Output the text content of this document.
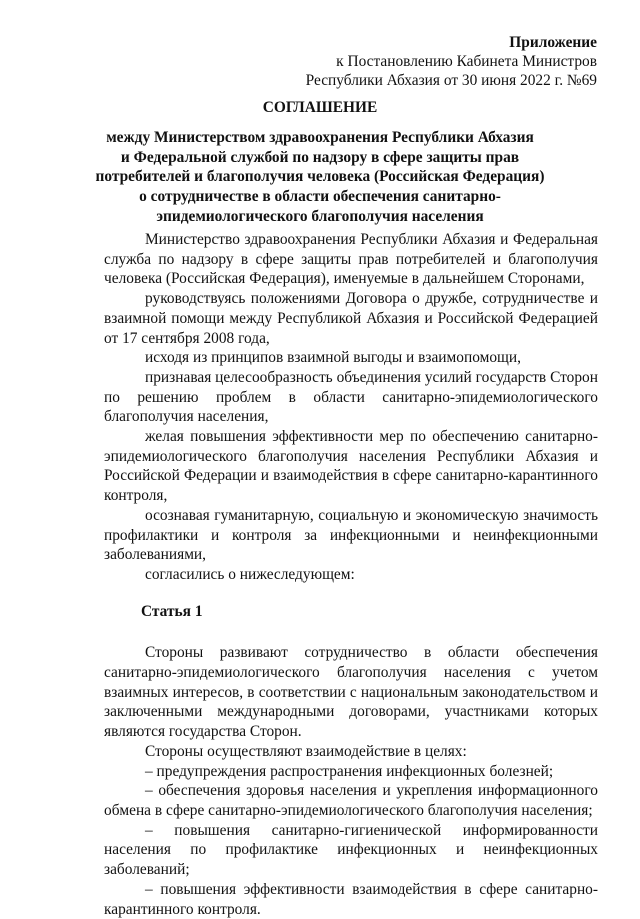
Приложение
к Постановлению Кабинета Министров
Республики Абхазия от 30 июня 2022 г. №69
СОГЛАШЕНИЕ
между Министерством здравоохранения Республики Абхазия
и Федеральной службой по надзору в сфере защиты прав
потребителей и благополучия человека (Российская Федерация)
о сотрудничестве в области обеспечения санитарно-
эпидемиологического благополучия населения

Министерство здравоохранения Республики Абхазия и Федеральная служба по надзору в сфере защиты прав потребителей и благополучия человека (Российская Федерация), именуемые в дальнейшем Сторонами,

руководствуясь положениями Договора о дружбе, сотрудничестве и взаимной помощи между Республикой Абхазия и Российской Федерацией от 17 сентября 2008 года,

исходя из принципов взаимной выгоды и взаимопомощи,

признавая целесообразность объединения усилий государств Сторон по решению проблем в области санитарно-эпидемиологического благополучия населения,

желая повышения эффективности мер по обеспечению санитарно-эпидемиологического благополучия населения Республики Абхазия и Российской Федерации и взаимодействия в сфере санитарно-карантинного контроля,

осознавая гуманитарную, социальную и экономическую значимость профилактики и контроля за инфекционными и неинфекционными заболеваниями,

согласились о нижеследующем:

Статья 1

Стороны развивают сотрудничество в области обеспечения санитарно-эпидемиологического благополучия населения с учетом взаимных интересов, в соответствии с национальным законодательством и заключенными международными договорами, участниками которых являются государства Сторон.

Стороны осуществляют взаимодействие в целях:

– предупреждения распространения инфекционных болезней;

– обеспечения здоровья населения и укрепления информационного обмена в сфере санитарно-эпидемиологического благополучия населения;

– повышения санитарно-гигиенической информированности населения по профилактике инфекционных и неинфекционных заболеваний;

– повышения эффективности взаимодействия в сфере санитарно-карантинного контроля.
